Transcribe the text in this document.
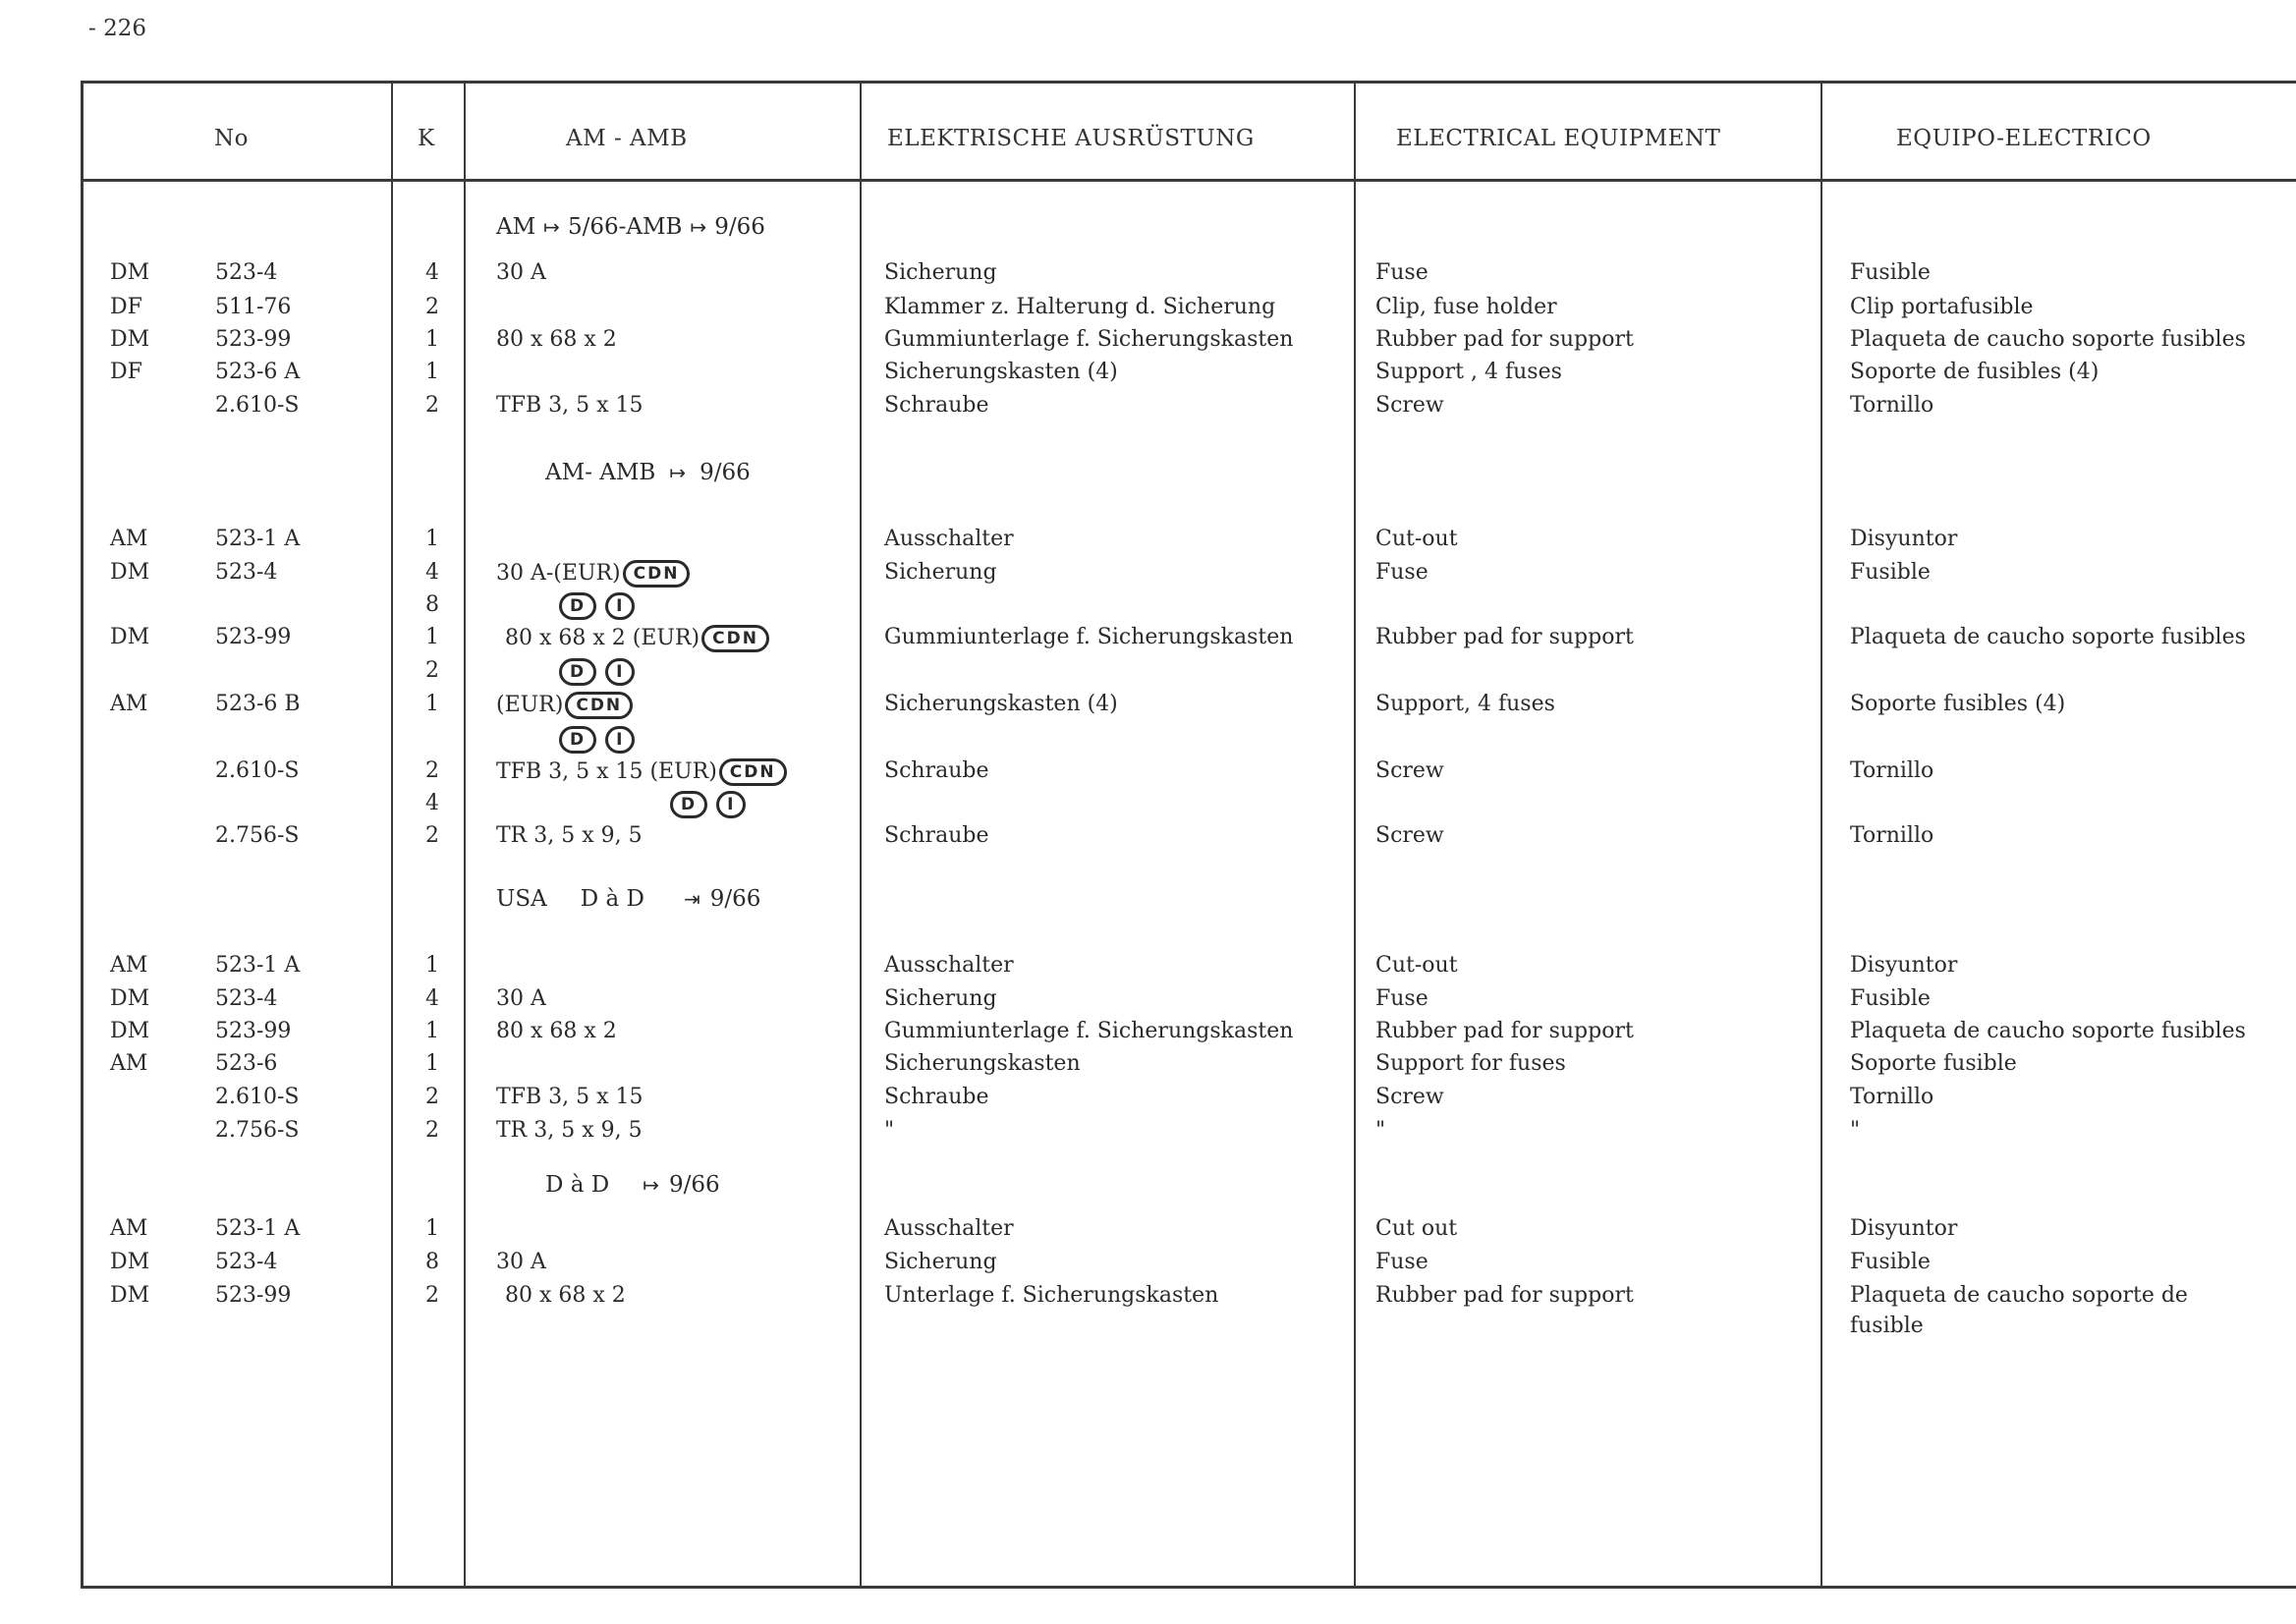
- 226
No	K	AM - AMB	ELEKTRISCHE AUSRÜSTUNG	ELECTRICAL EQUIPMENT	EQUIPO-ELECTRICO
AM ↦ 5/66-AMB ↦ 9/66
DM	523-4	4	30 A	Sicherung	Fuse	Fusible
DF	511-76	2	Klammer z. Halterung d. Sicherung	Clip, fuse holder	Clip portafusible
DM	523-99	1	80 x 68 x 2	Gummiunterlage f. Sicherungskasten	Rubber pad for support	Plaqueta de caucho soporte fusibles
DF	523-6 A	1	Sicherungskasten (4)	Support , 4 fuses	Soporte de fusibles (4)
2.610-S	2	TFB 3, 5 x 15	Schraube	Screw	Tornillo
AM- AMB ↦ 9/66
AM	523-1 A	1	Ausschalter	Cut-out	Disyuntor
DM	523-4	4	30 A-(EUR) CDN	Sicherung	Fuse	Fusible
8	D I
DM	523-99	1	80 x 68 x 2 (EUR) CDN	Gummiunterlage f. Sicherungskasten	Rubber pad for support	Plaqueta de caucho soporte fusibles
2	D I
AM	523-6 B	1	(EUR) CDN	Sicherungskasten (4)	Support, 4 fuses	Soporte fusibles (4)
D I
2.610-S	2	TFB 3, 5 x 15 (EUR) CDN	Schraube	Screw	Tornillo
4	D I
2.756-S	2	TR 3, 5 x 9, 5	Schraube	Screw	Tornillo
USA D à D ⇥ 9/66
AM	523-1 A	1	Ausschalter	Cut-out	Disyuntor
DM	523-4	4	30 A	Sicherung	Fuse	Fusible
DM	523-99	1	80 x 68 x 2	Gummiunterlage f. Sicherungskasten	Rubber pad for support	Plaqueta de caucho soporte fusibles
AM	523-6	1	Sicherungskasten	Support for fuses	Soporte fusible
2.610-S	2	TFB 3, 5 x 15	Schraube	Screw	Tornillo
2.756-S	2	TR 3, 5 x 9, 5	"	"	"
D à D ↦ 9/66
AM	523-1 A	1	Ausschalter	Cut out	Disyuntor
DM	523-4	8	30 A	Sicherung	Fuse	Fusible
DM	523-99	2	80 x 68 x 2	Unterlage f. Sicherungskasten	Rubber pad for support	Plaqueta de caucho soporte de
fusible
